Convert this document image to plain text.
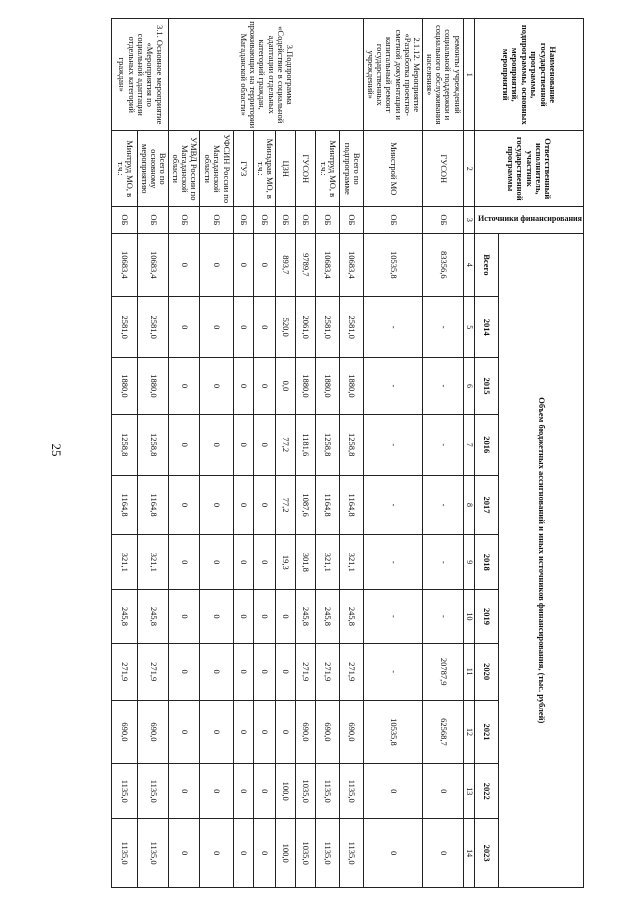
25
Наименование государственной программы, подпрограммы, основных мероприятий, мероприятий	Ответственный исполнитель, участник государственной программы	Источники финансирования	Объем бюджетных ассигнований и иных источников финансирования, (тыс. рублей)										
			Всего	2014	2015	2016	2017	2018	2019	2020	2021	2022	2023
1	2	3	4	5	6	7	8	9	10	11	12	13	14
ремонты учреждений социальной поддержки и социального обслуживания населения»	ГУСОН	ОБ	83356,6	-	-	-	-	-	-	20787,9	62568,7	0	0
2.1.12. Мероприятие «Разработка проектно-сметной документации и капитальный ремонт государственных учреждений»	Минстрой МО	ОБ	10535,8	-	-	-	-	-	-	-	10535,8	0	0
3.Подпрограмма «Содействие в социальной адаптации отдельных категорий граждан, проживающих на территории Магаданской области»	Всего по подпрограмме	ОБ	10683,4	2581,0	1880,0	1258,8	1164,8	321,1	245,8	271,9	690,0	1135,0	1135,0
	Минтруд МО, в т.ч.:	ОБ	10683,4	2581,0	1880,0	1258,8	1164,8	321,1	245,8	271,9	690,0	1135,0	1135,0
	ГУСОН	ОБ	9789,7	2061,0	1880,0	1181,6	1087,6	301,8	245,8	271,9	690,0	1035,0	1035,0
	ЦЗН	ОБ	893,7	520,0	0,0	77,2	77,2	19,3	0	0	0	100,0	100,0
	Минздрав МО, в т.ч.:	ОБ	0	0	0	0	0	0	0	0	0	0	0
	ГУЗ	ОБ	0	0	0	0	0	0	0	0	0	0	0
	УФСИН России по Магаданской области	ОБ	0	0	0	0	0	0	0	0	0	0	0
	УМВД России по Магаданской области	ОБ	0	0	0	0	0	0	0	0	0	0	0
3.1. Основное мероприятие «Мероприятия по социальной адаптации отдельных категорий граждан»	Всего по основному мероприятию	ОБ	10683,4	2581,0	1880,0	1258,8	1164,8	321,1	245,8	271,9	690,0	1135,0	1135,0
	Минтруд МО, в т.ч.:	ОБ	10683,4	2581,0	1880,0	1258,8	1164,8	321,1	245,8	271,9	690,0	1135,0	1135,0
